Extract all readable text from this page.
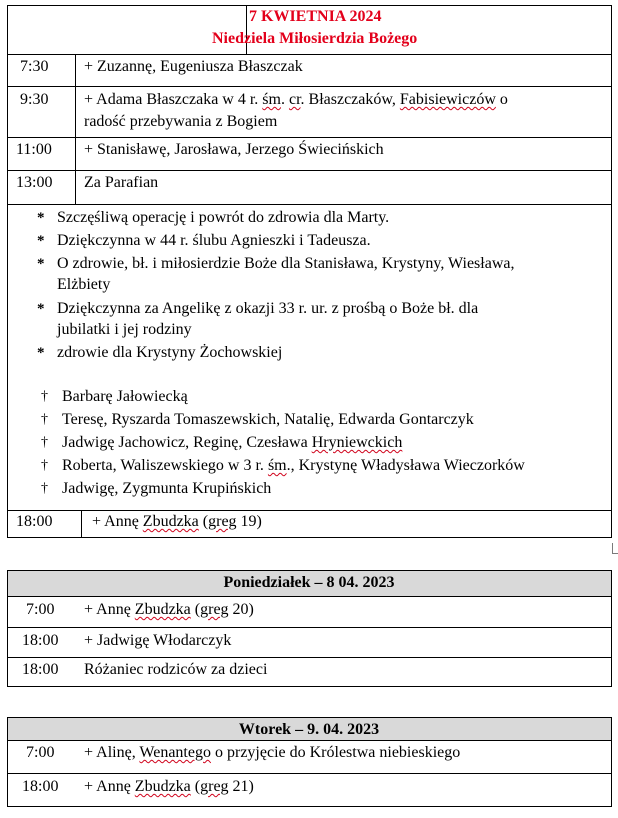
7 KWIETNIA 2024
Niedziela Miłosierdzia Bożego
7:30 + Zuzannę, Eugeniusza Błaszczak
9:30 + Adama Błaszczaka w 4 r. śm. cr. Błaszczaków, Fabisiewiczów o
radość przebywania z Bogiem
11:00 + Stanisławę, Jarosława, Jerzego Świecińskich
13:00 Za Parafian
* Szczęśliwą operację i powrót do zdrowia dla Marty.
* Dziękczynna w 44 r. ślubu Agnieszki i Tadeusza.
* O zdrowie, bł. i miłosierdzie Boże dla Stanisława, Krystyny, Wiesława,
Elżbiety
* Dziękczynna za Angelikę z okazji 33 r. ur. z prośbą o Boże bł. dla
jubilatki i jej rodziny
* zdrowie dla Krystyny Żochowskiej
† Barbarę Jałowiecką
† Teresę, Ryszarda Tomaszewskich, Natalię, Edwarda Gontarczyk
† Jadwigę Jachowicz, Reginę, Czesława Hryniewckich
† Roberta, Waliszewskiego w 3 r. śm., Krystynę Władysława Wieczorków
† Jadwigę, Zygmunta Krupińskich
18:00 + Annę Zbudzka (greg 19)
Poniedziałek – 8 04. 2023
7:00 + Annę Zbudzka (greg 20)
18:00 + Jadwigę Włodarczyk
18:00 Różaniec rodziców za dzieci
Wtorek – 9. 04. 2023
7:00 + Alinę, Wenantego o przyjęcie do Królestwa niebieskiego
18:00 + Annę Zbudzka (greg 21)
